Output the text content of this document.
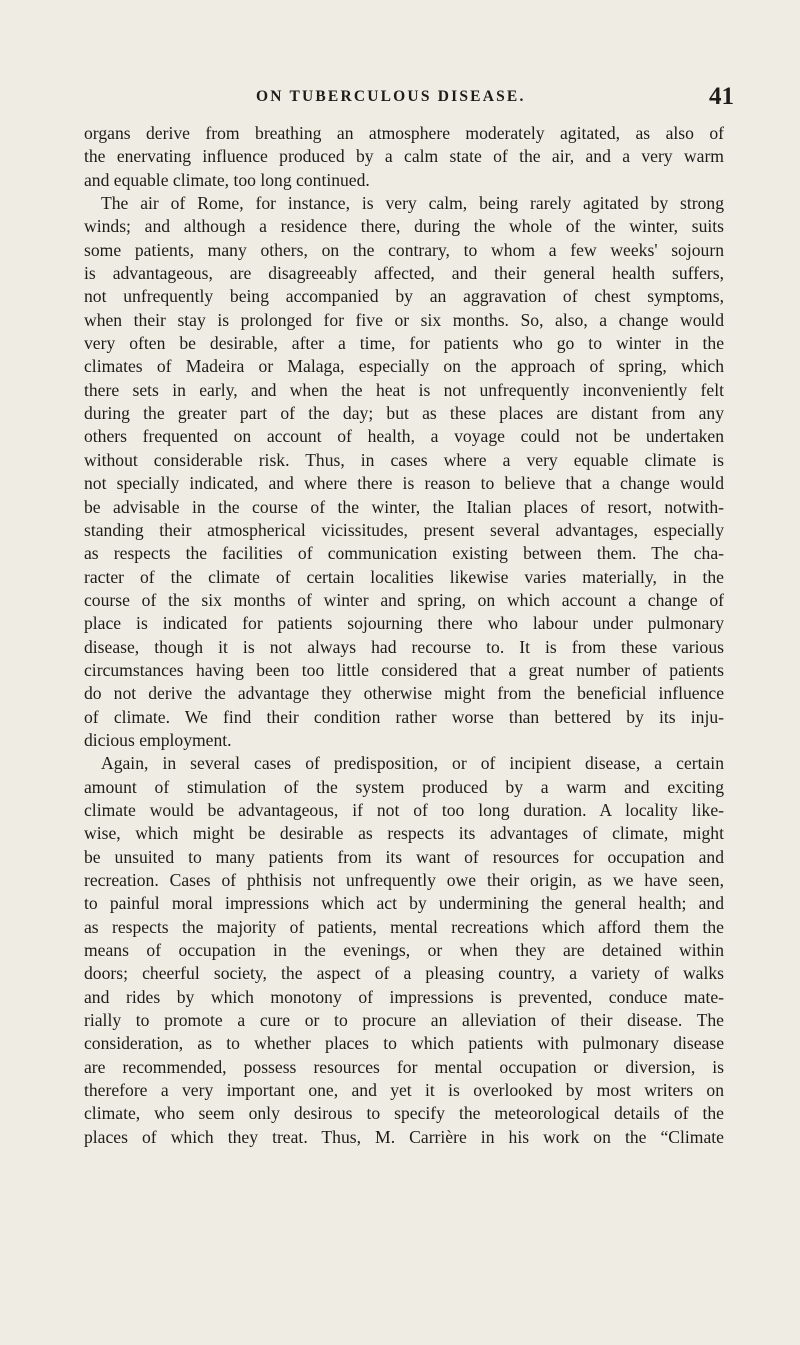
ON TUBERCULOUS DISEASE.	41
organs derive from breathing an atmosphere moderately agitated, as also of
the enervating influence produced by a calm state of the air, and a very warm
and equable climate, too long continued.
The air of Rome, for instance, is very calm, being rarely agitated by strong
winds; and although a residence there, during the whole of the winter, suits
some patients, many others, on the contrary, to whom a few weeks' sojourn
is advantageous, are disagreeably affected, and their general health suffers,
not unfrequently being accompanied by an aggravation of chest symptoms,
when their stay is prolonged for five or six months. So, also, a change would
very often be desirable, after a time, for patients who go to winter in the
climates of Madeira or Malaga, especially on the approach of spring, which
there sets in early, and when the heat is not unfrequently inconveniently felt
during the greater part of the day; but as these places are distant from any
others frequented on account of health, a voyage could not be undertaken
without considerable risk. Thus, in cases where a very equable climate is
not specially indicated, and where there is reason to believe that a change would
be advisable in the course of the winter, the Italian places of resort, notwith-
standing their atmospherical vicissitudes, present several advantages, especially
as respects the facilities of communication existing between them. The cha-
racter of the climate of certain localities likewise varies materially, in the
course of the six months of winter and spring, on which account a change of
place is indicated for patients sojourning there who labour under pulmonary
disease, though it is not always had recourse to. It is from these various
circumstances having been too little considered that a great number of patients
do not derive the advantage they otherwise might from the beneficial influence
of climate. We find their condition rather worse than bettered by its inju-
dicious employment.
Again, in several cases of predisposition, or of incipient disease, a certain
amount of stimulation of the system produced by a warm and exciting
climate would be advantageous, if not of too long duration. A locality like-
wise, which might be desirable as respects its advantages of climate, might
be unsuited to many patients from its want of resources for occupation and
recreation. Cases of phthisis not unfrequently owe their origin, as we have seen,
to painful moral impressions which act by undermining the general health; and
as respects the majority of patients, mental recreations which afford them the
means of occupation in the evenings, or when they are detained within
doors; cheerful society, the aspect of a pleasing country, a variety of walks
and rides by which monotony of impressions is prevented, conduce mate-
rially to promote a cure or to procure an alleviation of their disease. The
consideration, as to whether places to which patients with pulmonary disease
are recommended, possess resources for mental occupation or diversion, is
therefore a very important one, and yet it is overlooked by most writers on
climate, who seem only desirous to specify the meteorological details of the
places of which they treat. Thus, M. Carrière in his work on the “Climate
